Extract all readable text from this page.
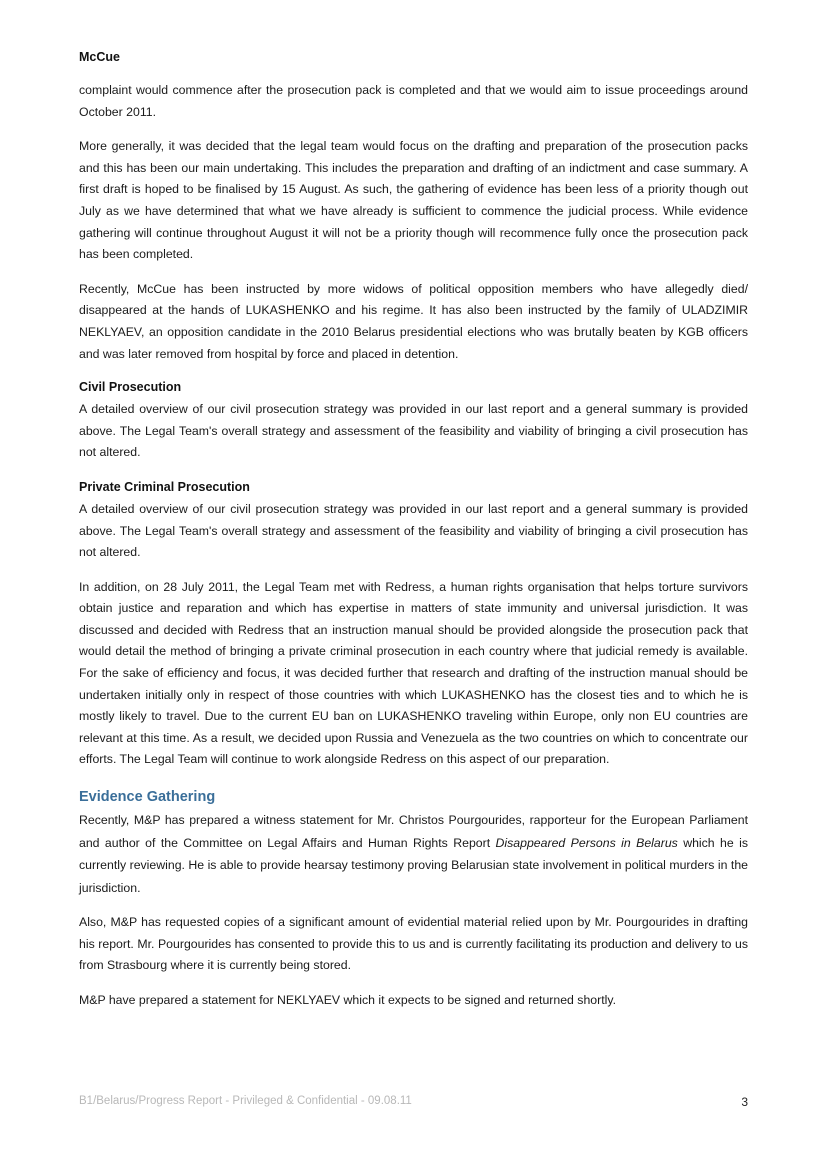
McCue

complaint would commence after the prosecution pack is completed and that we would aim to issue proceedings around October 2011.

More generally, it was decided that the legal team would focus on the drafting and preparation of the prosecution packs and this has been our main undertaking. This includes the preparation and drafting of an indictment and case summary. A first draft is hoped to be finalised by 15 August. As such, the gathering of evidence has been less of a priority though out July as we have determined that what we have already is sufficient to commence the judicial process. While evidence gathering will continue throughout August it will not be a priority though will recommence fully once the prosecution pack has been completed.

Recently, McCue has been instructed by more widows of political opposition members who have allegedly died/ disappeared at the hands of LUKASHENKO and his regime. It has also been instructed by the family of ULADZIMIR NEKLYAEV, an opposition candidate in the 2010 Belarus presidential elections who was brutally beaten by KGB officers and was later removed from hospital by force and placed in detention.

Civil Prosecution

A detailed overview of our civil prosecution strategy was provided in our last report and a general summary is provided above. The Legal Team's overall strategy and assessment of the feasibility and viability of bringing a civil prosecution has not altered.

Private Criminal Prosecution

A detailed overview of our civil prosecution strategy was provided in our last report and a general summary is provided above. The Legal Team's overall strategy and assessment of the feasibility and viability of bringing a civil prosecution has not altered.

In addition, on 28 July 2011, the Legal Team met with Redress, a human rights organisation that helps torture survivors obtain justice and reparation and which has expertise in matters of state immunity and universal jurisdiction. It was discussed and decided with Redress that an instruction manual should be provided alongside the prosecution pack that would detail the method of bringing a private criminal prosecution in each country where that judicial remedy is available. For the sake of efficiency and focus, it was decided further that research and drafting of the instruction manual should be undertaken initially only in respect of those countries with which LUKASHENKO has the closest ties and to which he is mostly likely to travel. Due to the current EU ban on LUKASHENKO traveling within Europe, only non EU countries are relevant at this time. As a result, we decided upon Russia and Venezuela as the two countries on which to concentrate our efforts. The Legal Team will continue to work alongside Redress on this aspect of our preparation.

Evidence Gathering

Recently, M&P has prepared a witness statement for Mr. Christos Pourgourides, rapporteur for the European Parliament and author of the Committee on Legal Affairs and Human Rights Report Disappeared Persons in Belarus which he is currently reviewing. He is able to provide hearsay testimony proving Belarusian state involvement in political murders in the jurisdiction.

Also, M&P has requested copies of a significant amount of evidential material relied upon by Mr. Pourgourides in drafting his report. Mr. Pourgourides has consented to provide this to us and is currently facilitating its production and delivery to us from Strasbourg where it is currently being stored.

M&P have prepared a statement for NEKLYAEV which it expects to be signed and returned shortly.

B1/Belarus/Progress Report - Privileged & Confidential - 09.08.11	3
